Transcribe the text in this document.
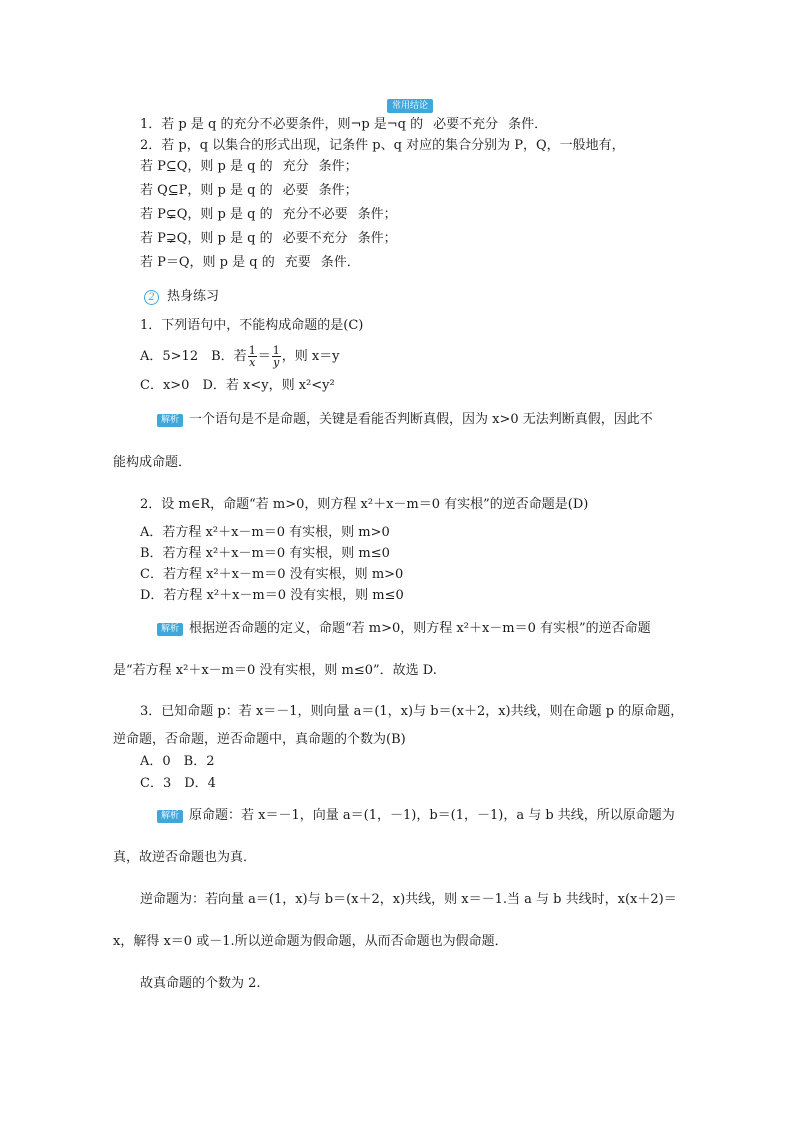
常用结论
1．若 p 是 q 的充分不必要条件，则¬p 是¬q 的 必要不充分 条件．
2．若 p，q 以集合的形式出现，记条件 p、q 对应的集合分别为 P，Q，一般地有，
若 P⊆Q，则 p 是 q 的 充分 条件；
若 Q⊆P，则 p 是 q 的 必要 条件；
若 P⊊Q，则 p 是 q 的 充分不必要 条件；
若 P⊋Q，则 p 是 q 的 必要不充分 条件；
若 P＝Q，则 p 是 q 的 充要 条件．
2 热身练习
1．下列语句中，不能构成命题的是(C)
A．5>12　 B．若 $\frac{1}{x} = \frac{1}{y}$ ，则 x＝y
C．x>0　D．若 x<y，则 x²<y²
解析 一个语句是不是命题，关键是看能否判断真假，因为 x>0 无法判断真假，因此不
能构成命题．
2．设 m∈R，命题“若 m>0，则方程 x²＋x－m＝0 有实根”的逆否命题是(D)
A．若方程 x²＋x－m＝0 有实根，则 m>0
B．若方程 x²＋x－m＝0 有实根，则 m≤0
C．若方程 x²＋x－m＝0 没有实根，则 m>0
D．若方程 x²＋x－m＝0 没有实根，则 m≤0
解析 根据逆否命题的定义，命题“若 m>0，则方程 x²＋x－m＝0 有实根”的逆否命题
是“若方程 x²＋x－m＝0 没有实根，则 m≤0”．故选 D.
3．已知命题 p：若 x＝－1，则向量 a＝(1，x)与 b＝(x＋2，x)共线，则在命题 p 的原命题，
逆命题，否命题，逆否命题中，真命题的个数为(B)
A．0　B．2
C．3　D．4
解析 原命题：若 x＝－1，向量 a＝(1，－1)，b＝(1，－1)，a 与 b 共线，所以原命题为
真，故逆否命题也为真．
逆命题为：若向量 a＝(1，x)与 b＝(x＋2，x)共线，则 x＝－1.当 a 与 b 共线时，x(x＋2)＝
x，解得 x＝0 或－1.所以逆命题为假命题，从而否命题也为假命题．
故真命题的个数为 2.
